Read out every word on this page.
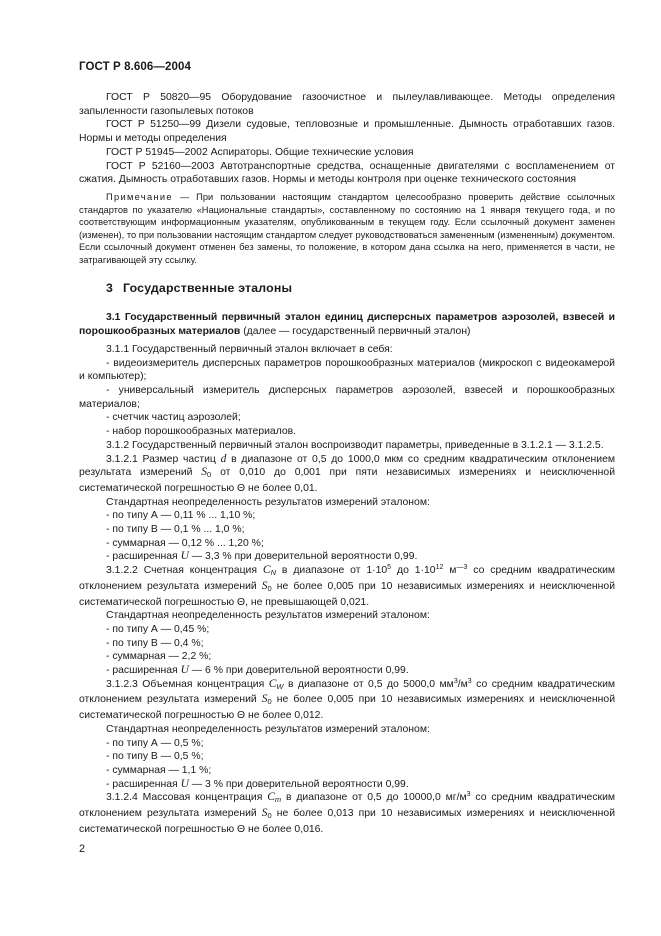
ГОСТ Р 8.606—2004

ГОСТ Р 50820—95 Оборудование газоочистное и пылеулавливающее. Методы определения запыленности газопылевых потоков

ГОСТ Р 51250—99 Дизели судовые, тепловозные и промышленные. Дымность отработавших газов. Нормы и методы определения

ГОСТ Р 51945—2002 Аспираторы. Общие технические условия

ГОСТ Р 52160—2003 Автотранспортные средства, оснащенные двигателями с воспламенением от сжатия. Дымность отработавших газов. Нормы и методы контроля при оценке технического состояния

Примечание — При пользовании настоящим стандартом целесообразно проверить действие ссылочных стандартов по указателю «Национальные стандарты», составленному по состоянию на 1 января текущего года, и по соответствующим информационным указателям, опубликованным в текущем году. Если ссылочный документ заменен (изменен), то при пользовании настоящим стандартом следует руководствоваться замененным (измененным) документом. Если ссылочный документ отменен без замены, то положение, в котором дана ссылка на него, применяется в части, не затрагивающей эту ссылку.

3 Государственные эталоны

3.1 Государственный первичный эталон единиц дисперсных параметров аэрозолей, взвесей и порошкообразных материалов (далее — государственный первичный эталон)

3.1.1 Государственный первичный эталон включает в себя:

- видеоизмеритель дисперсных параметров порошкообразных материалов (микроскоп с видеокамерой и компьютер);

- универсальный измеритель дисперсных параметров аэрозолей, взвесей и порошкообразных материалов;

- счетчик частиц аэрозолей;

- набор порошкообразных материалов.

3.1.2 Государственный первичный эталон воспроизводит параметры, приведенные в 3.1.2.1 — 3.1.2.5.

3.1.2.1 Размер частиц d в диапазоне от 0,5 до 1000,0 мкм со средним квадратическим отклонением результата измерений $S_0$ от 0,010 до 0,001 при пяти независимых измерениях и неисключенной систематической погрешностью Θ не более 0,01.

Стандартная неопределенность результатов измерений эталоном:

- по типу А — 0,11 % ... 1,10 %;

- по типу В — 0,1 % ... 1,0 %;

- суммарная — 0,12 % ... 1,20 %;

- расширенная U — 3,3 % при доверительной вероятности 0,99.

3.1.2.2 Счетная концентрация $C_N$ в диапазоне от $1\cdot 10^5$ до $1\cdot 10^{12}$ $м^{—3}$ со средним квадратическим отклонением результата измерений $S_0$ не более 0,005 при 10 независимых измерениях и неисключенной систематической погрешностью Θ, не превышающей 0,021.

Стандартная неопределенность результатов измерений эталоном:

- по типу А — 0,45 %;

- по типу В — 0,4 %;

- суммарная — 2,2 %;

- расширенная U — 6 % при доверительной вероятности 0,99.

3.1.2.3 Объемная концентрация $C_W$ в диапазоне от 0,5 до 5000,0 $мм^3/м^3$ со средним квадратическим отклонением результата измерений $S_0$ не более 0,005 при 10 независимых измерениях и неисключенной систематической погрешностью Θ не более 0,012.

Стандартная неопределенность результатов измерений эталоном:

- по типу А — 0,5 %;

- по типу В — 0,5 %;

- суммарная — 1,1 %;

- расширенная U — 3 % при доверительной вероятности 0,99.

3.1.2.4 Массовая концентрация $C_m$ в диапазоне от 0,5 до 10000,0 $мг/м^3$ со средним квадратическим отклонением результата измерений $S_0$ не более 0,013 при 10 независимых измерениях и неисключенной систематической погрешностью Θ не более 0,016.

2
